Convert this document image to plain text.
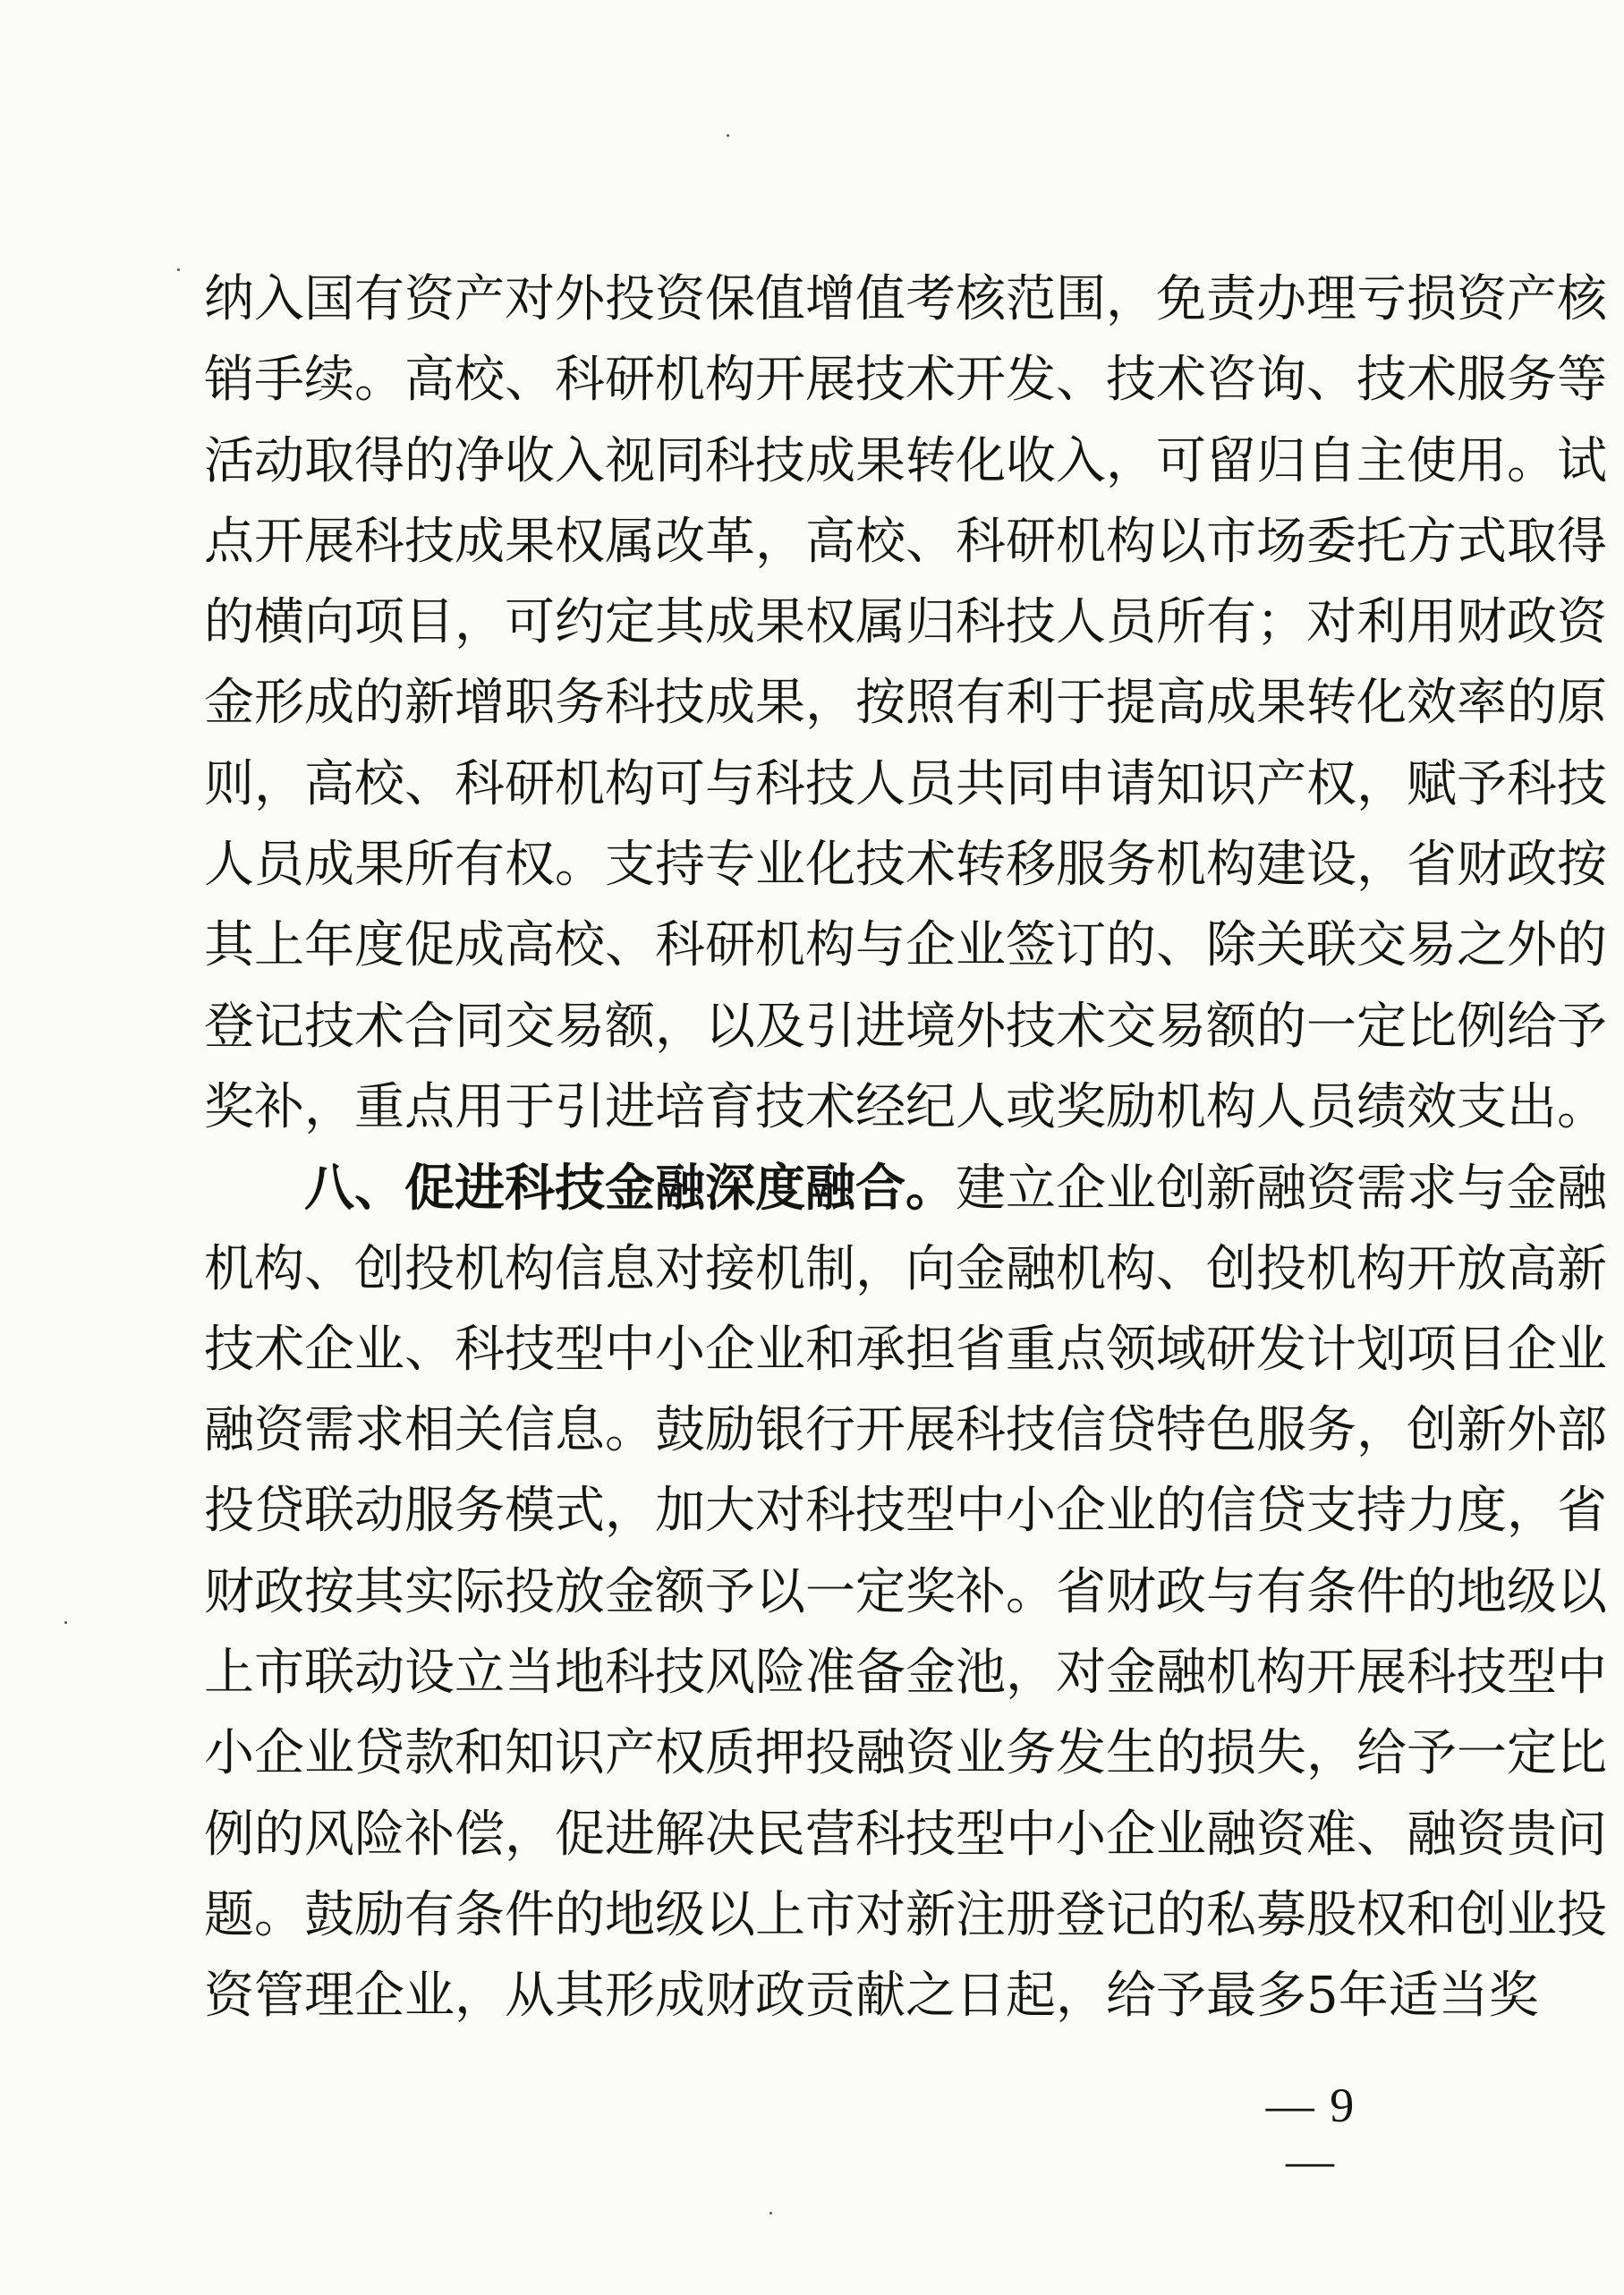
纳入国有资产对外投资保值增值考核范围，免责办理亏损资产核
销手续。高校、科研机构开展技术开发、技术咨询、技术服务等
活动取得的净收入视同科技成果转化收入，可留归自主使用。试
点开展科技成果权属改革，高校、科研机构以市场委托方式取得
的横向项目，可约定其成果权属归科技人员所有；对利用财政资
金形成的新增职务科技成果，按照有利于提高成果转化效率的原
则，高校、科研机构可与科技人员共同申请知识产权，赋予科技
人员成果所有权。支持专业化技术转移服务机构建设，省财政按
其上年度促成高校、科研机构与企业签订的、除关联交易之外的
登记技术合同交易额，以及引进境外技术交易额的一定比例给予
奖补，重点用于引进培育技术经纪人或奖励机构人员绩效支出。
八、促进科技金融深度融合。建立企业创新融资需求与金融
机构、创投机构信息对接机制，向金融机构、创投机构开放高新
技术企业、科技型中小企业和承担省重点领域研发计划项目企业
融资需求相关信息。鼓励银行开展科技信贷特色服务，创新外部
投贷联动服务模式，加大对科技型中小企业的信贷支持力度，省
财政按其实际投放金额予以一定奖补。省财政与有条件的地级以
上市联动设立当地科技风险准备金池，对金融机构开展科技型中
小企业贷款和知识产权质押投融资业务发生的损失，给予一定比
例的风险补偿，促进解决民营科技型中小企业融资难、融资贵问
题。鼓励有条件的地级以上市对新注册登记的私募股权和创业投
资管理企业，从其形成财政贡献之日起，给予最多5年适当奖
— 9 —
